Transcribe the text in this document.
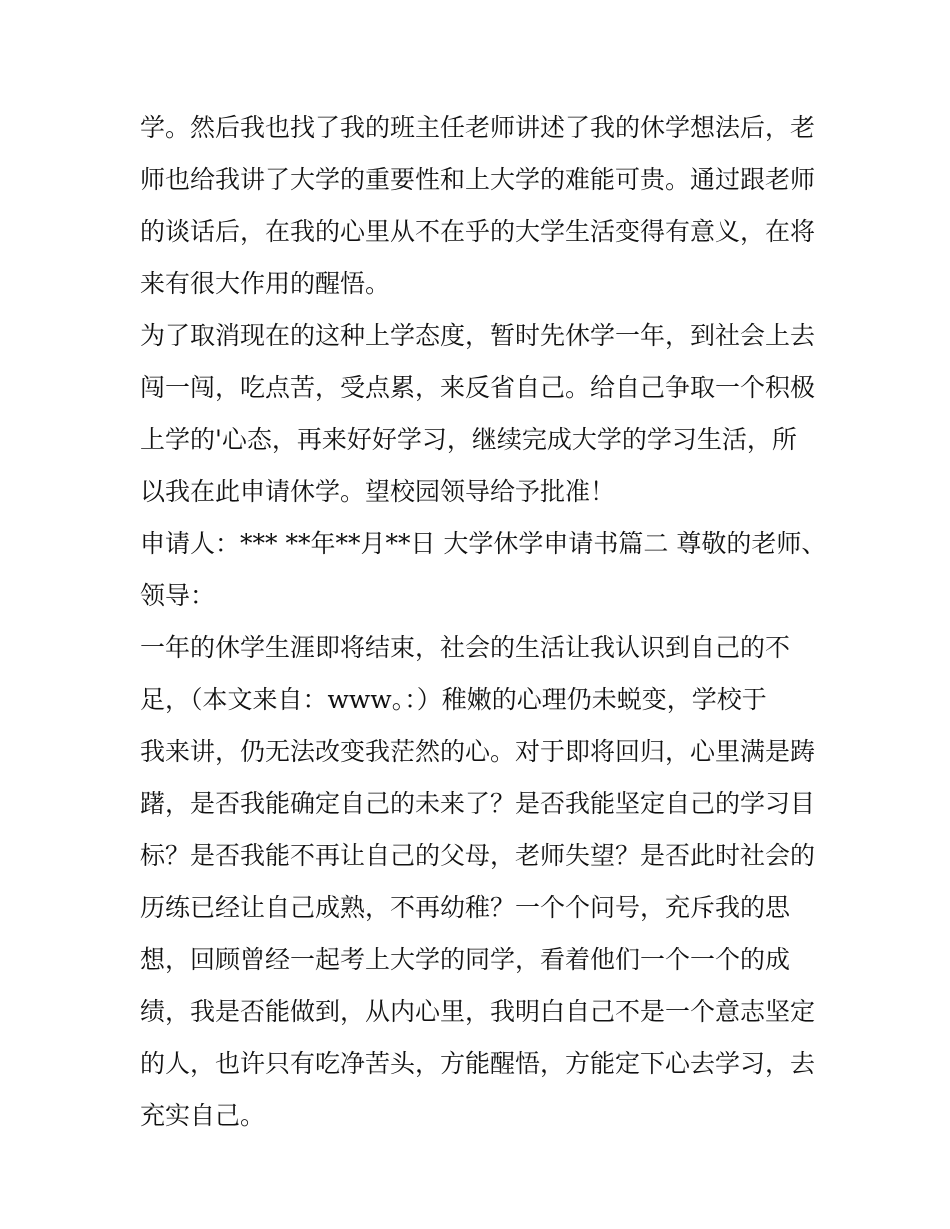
学。然后我也找了我的班主任老师讲述了我的休学想法后，老
师也给我讲了大学的重要性和上大学的难能可贵。通过跟老师
的谈话后，在我的心里从不在乎的大学生活变得有意义，在将
来有很大作用的醒悟。
为了取消现在的这种上学态度，暂时先休学一年，到社会上去
闯一闯，吃点苦，受点累，来反省自己。给自己争取一个积极
上学的'心态，再来好好学习，继续完成大学的学习生活，所
以我在此申请休学。望校园领导给予批准！
申请人：*** **年**月**日 大学休学申请书篇二 尊敬的老师、
领导：
一年的休学生涯即将结束，社会的生活让我认识到自己的不
足，（本文来自：www。：）稚嫩的心理仍未蜕变，学校于
我来讲，仍无法改变我茫然的心。对于即将回归，心里满是踌
躇，是否我能确定自己的未来了？是否我能坚定自己的学习目
标？是否我能不再让自己的父母，老师失望？是否此时社会的
历练已经让自己成熟，不再幼稚？一个个问号，充斥我的思
想，回顾曾经一起考上大学的同学，看着他们一个一个的成
绩，我是否能做到，从内心里，我明白自己不是一个意志坚定
的人，也许只有吃净苦头，方能醒悟，方能定下心去学习，去
充实自己。
